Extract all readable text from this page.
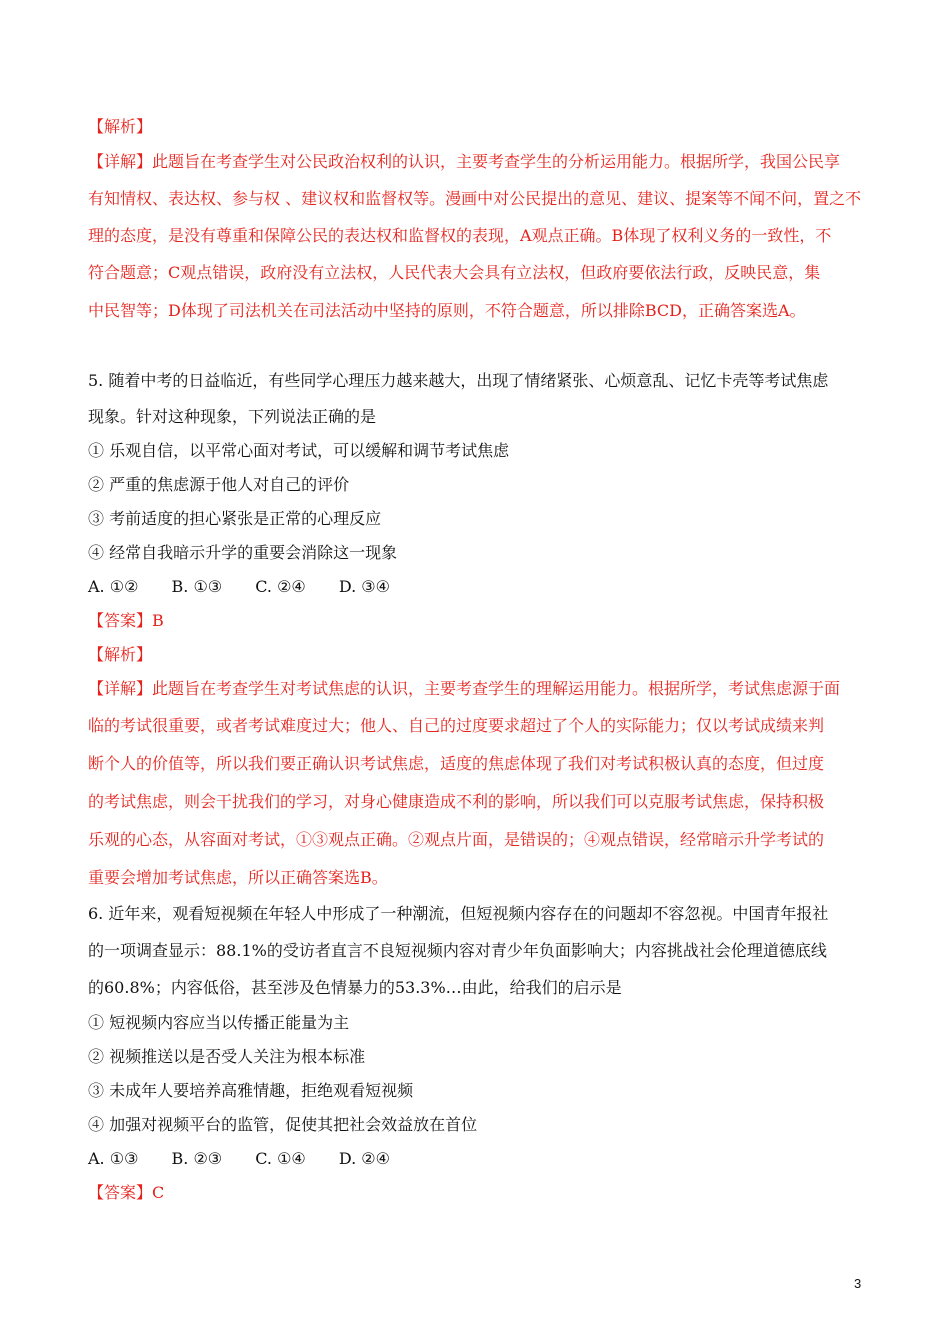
【解析】
【详解】此题旨在考查学生对公民政治权利的认识，主要考查学生的分析运用能力。根据所学，我国公民享
有知情权、表达权、参与权 、建议权和监督权等。漫画中对公民提出的意见、建议、提案等不闻不问，置之不
理的态度，是没有尊重和保障公民的表达权和监督权的表现，A观点正确。B体现了权利义务的一致性，不
符合题意；C观点错误，政府没有立法权，人民代表大会具有立法权，但政府要依法行政，反映民意，集
中民智等；D体现了司法机关在司法活动中坚持的原则，不符合题意，所以排除BCD，正确答案选A。
5. 随着中考的日益临近，有些同学心理压力越来越大，出现了情绪紧张、心烦意乱、记忆卡壳等考试焦虑
现象。针对这种现象，下列说法正确的是
① 乐观自信，以平常心面对考试，可以缓解和调节考试焦虑
② 严重的焦虑源于他人对自己的评价
③ 考前适度的担心紧张是正常的心理反应
④ 经常自我暗示升学的重要会消除这一现象
A. ①② B. ①③ C. ②④ D. ③④
【答案】B
【解析】
【详解】此题旨在考查学生对考试焦虑的认识，主要考查学生的理解运用能力。根据所学，考试焦虑源于面
临的考试很重要，或者考试难度过大；他人、自己的过度要求超过了个人的实际能力；仅以考试成绩来判
断个人的价值等，所以我们要正确认识考试焦虑，适度的焦虑体现了我们对考试积极认真的态度，但过度
的考试焦虑，则会干扰我们的学习，对身心健康造成不利的影响，所以我们可以克服考试焦虑，保持积极
乐观的心态，从容面对考试，①③观点正确。②观点片面，是错误的；④观点错误，经常暗示升学考试的
重要会增加考试焦虑，所以正确答案选B。
6. 近年来，观看短视频在年轻人中形成了一种潮流，但短视频内容存在的问题却不容忽视。中国青年报社
的一项调查显示：88.1%的受访者直言不良短视频内容对青少年负面影响大；内容挑战社会伦理道德底线
的60.8%；内容低俗，甚至涉及色情暴力的53.3%…由此，给我们的启示是
① 短视频内容应当以传播正能量为主
② 视频推送以是否受人关注为根本标准
③ 未成年人要培养高雅情趣，拒绝观看短视频
④ 加强对视频平台的监管，促使其把社会效益放在首位
A. ①③ B. ②③ C. ①④ D. ②④
【答案】C
3
